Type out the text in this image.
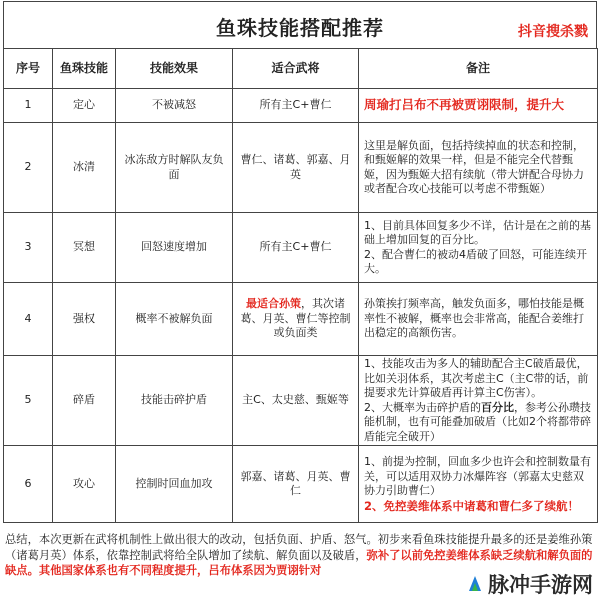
鱼珠技能搭配推荐	抖音搜杀戮
序号	鱼珠技能	技能效果	适合武将	备注
1	定心	不被减怒	所有主C+曹仁	周瑜打吕布不再被贾诩限制，提升大
2	冰清	冰冻敌方时解队友负面	曹仁、诸葛、郭嘉、月英	这里是解负面，包括持续掉血的状态和控制，和甄姬解的效果一样，但是不能完全代替甄姬，因为甄姬大招有续航（带大饼配合母协力或者配合攻心技能可以考虑不带甄姬）
3	冥想	回怒速度增加	所有主C+曹仁	1、目前具体回复多少不详，估计是在之前的基础上增加回复的百分比。
2、配合曹仁的被动4盾破了回怒，可能连续开大。

4	强权	概率不被解负面	最适合孙策，其次诸葛、月英、曹仁等控制或负面类	孙策挨打频率高，触发负面多，哪怕技能是概率性不被解，概率也会非常高，能配合姜维打出稳定的高额伤害。
5	碎盾	技能击碎护盾	主C、太史慈、甄姬等	1、技能攻击为多人的辅助配合主C破盾最优，比如关羽体系，其次考虑主C（主C带的话，前提要求先计算破盾再计算主C伤害）。
2、大概率为击碎护盾的百分比，参考公孙瓒技能机制，也有可能叠加破盾（比如2个将都带碎盾能完全破开）

6	攻心	控制时回血加攻	郭嘉、诸葛、月英、曹仁	1、前提为控制，回血多少也许会和控制数量有关，可以适用双协力冰爆阵容（郭嘉太史慈双协力引助曹仁）
2、免控姜维体系中诸葛和曹仁多了续航！

总结，本次更新在武将机制性上做出很大的改动，包括负面、护盾、怒气。初步来看鱼珠技能提升最多的还是姜维孙策（诸葛月英）体系，依靠控制武将给全队增加了续航、解负面以及破盾，弥补了以前免控姜维体系缺乏续航和解负面的缺点。其他国家体系也有不同程度提升，吕布体系因为贾诩针对

脉冲手游网
